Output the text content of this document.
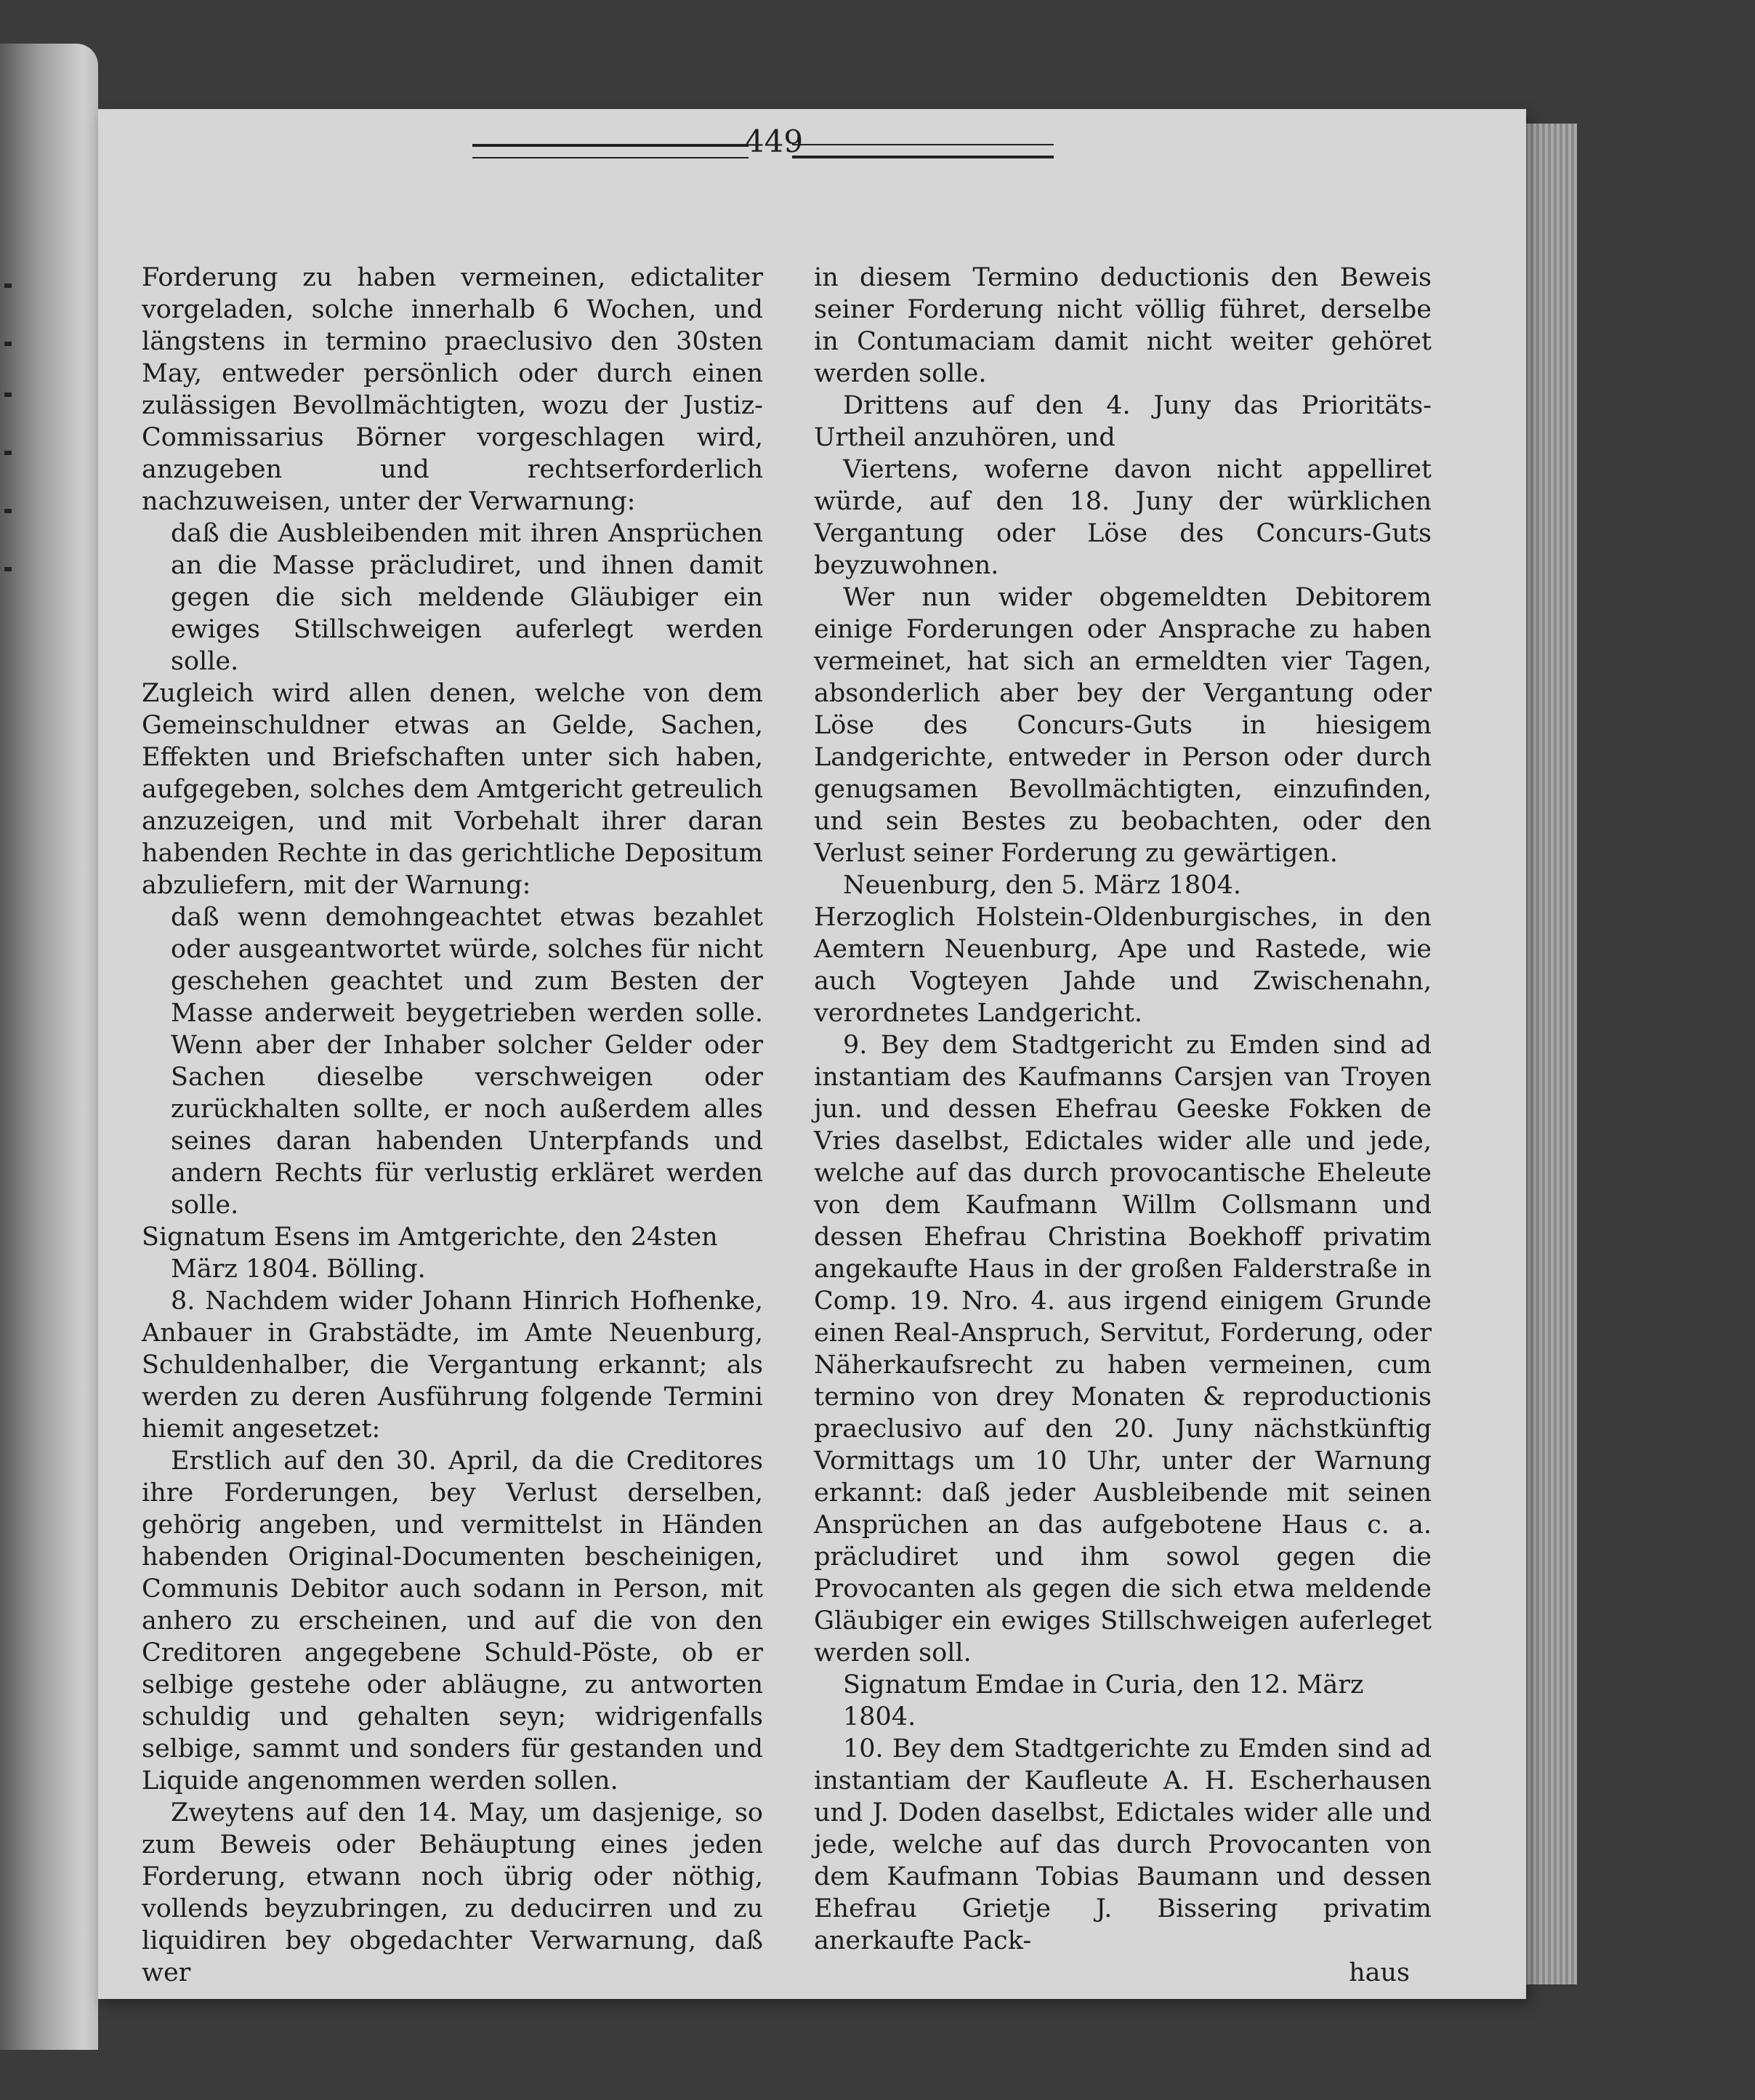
449

Forderung zu haben vermeinen, edictaliter vorgeladen, solche innerhalb 6 Wochen, und längstens in termino praeclusivo den 30sten May, entweder persönlich oder durch einen zulässigen Bevollmächtigten, wozu der Justiz-Commissarius Börner vorgeschlagen wird, anzugeben und rechtserforderlich nachzuweisen, unter der Verwarnung:

daß die Ausbleibenden mit ihren Ansprüchen an die Masse präcludiret, und ihnen damit gegen die sich meldende Gläubiger ein ewiges Stillschweigen auferlegt werden solle.

Zugleich wird allen denen, welche von dem Gemeinschuldner etwas an Gelde, Sachen, Effekten und Briefschaften unter sich haben, aufgegeben, solches dem Amtgericht getreulich anzuzeigen, und mit Vorbehalt ihrer daran habenden Rechte in das gerichtliche Depositum abzuliefern, mit der Warnung:

daß wenn demohngeachtet etwas bezahlet oder ausgeantwortet würde, solches für nicht geschehen geachtet und zum Besten der Masse anderweit beygetrieben werden solle. Wenn aber der Inhaber solcher Gelder oder Sachen dieselbe verschweigen oder zurückhalten sollte, er noch außerdem alles seines daran habenden Unterpfands und andern Rechts für verlustig erkläret werden solle.

Signatum Esens im Amtgerichte, den 24sten

März 1804. Bölling.

8. Nachdem wider Johann Hinrich Hofhenke, Anbauer in Grabstädte, im Amte Neuenburg, Schuldenhalber, die Vergantung erkannt; als werden zu deren Ausführung folgende Termini hiemit angesetzet:

Erstlich auf den 30. April, da die Creditores ihre Forderungen, bey Verlust derselben, gehörig angeben, und vermittelst in Händen habenden Original-Documenten bescheinigen, Communis Debitor auch sodann in Person, mit anhero zu erscheinen, und auf die von den Creditoren angegebene Schuld-Pöste, ob er selbige gestehe oder abläugne, zu antworten schuldig und gehalten seyn; widrigenfalls selbige, sammt und sonders für gestanden und Liquide angenommen werden sollen.

Zweytens auf den 14. May, um dasjenige, so zum Beweis oder Behäuptung eines jeden Forderung, etwann noch übrig oder nöthig, vollends beyzubringen, zu deducirren und zu liquidiren bey obgedachter Verwarnung, daß wer

in diesem Termino deductionis den Beweis seiner Forderung nicht völlig führet, derselbe in Contumaciam damit nicht weiter gehöret werden solle.

Drittens auf den 4. Juny das Prioritäts-Urtheil anzuhören, und

Viertens, woferne davon nicht appelliret würde, auf den 18. Juny der würklichen Vergantung oder Löse des Concurs-Guts beyzuwohnen.

Wer nun wider obgemeldten Debitorem einige Forderungen oder Ansprache zu haben vermeinet, hat sich an ermeldten vier Tagen, absonderlich aber bey der Vergantung oder Löse des Concurs-Guts in hiesigem Landgerichte, entweder in Person oder durch genugsamen Bevollmächtigten, einzufinden, und sein Bestes zu beobachten, oder den Verlust seiner Forderung zu gewärtigen.

Neuenburg, den 5. März 1804.

Herzoglich Holstein-Oldenburgisches, in den Aemtern Neuenburg, Ape und Rastede, wie auch Vogteyen Jahde und Zwischenahn, verordnetes Landgericht.

9. Bey dem Stadtgericht zu Emden sind ad instantiam des Kaufmanns Carsjen van Troyen jun. und dessen Ehefrau Geeske Fokken de Vries daselbst, Edictales wider alle und jede, welche auf das durch provocantische Eheleute von dem Kaufmann Willm Collsmann und dessen Ehefrau Christina Boekhoff privatim angekaufte Haus in der großen Falderstraße in Comp. 19. Nro. 4. aus irgend einigem Grunde einen Real-Anspruch, Servitut, Forderung, oder Näherkaufsrecht zu haben vermeinen, cum termino von drey Monaten & reproductionis praeclusivo auf den 20. Juny nächstkünftig Vormittags um 10 Uhr, unter der Warnung erkannt: daß jeder Ausbleibende mit seinen Ansprüchen an das aufgebotene Haus c. a. präcludiret und ihm sowol gegen die Provocanten als gegen die sich etwa meldende Gläubiger ein ewiges Stillschweigen auferleget werden soll.

Signatum Emdae in Curia, den 12. März

1804.

10. Bey dem Stadtgerichte zu Emden sind ad instantiam der Kaufleute A. H. Escherhausen und J. Doden daselbst, Edictales wider alle und jede, welche auf das durch Provocanten von dem Kaufmann Tobias Baumann und dessen Ehefrau Grietje J. Bissering privatim anerkaufte Pack-

haus
